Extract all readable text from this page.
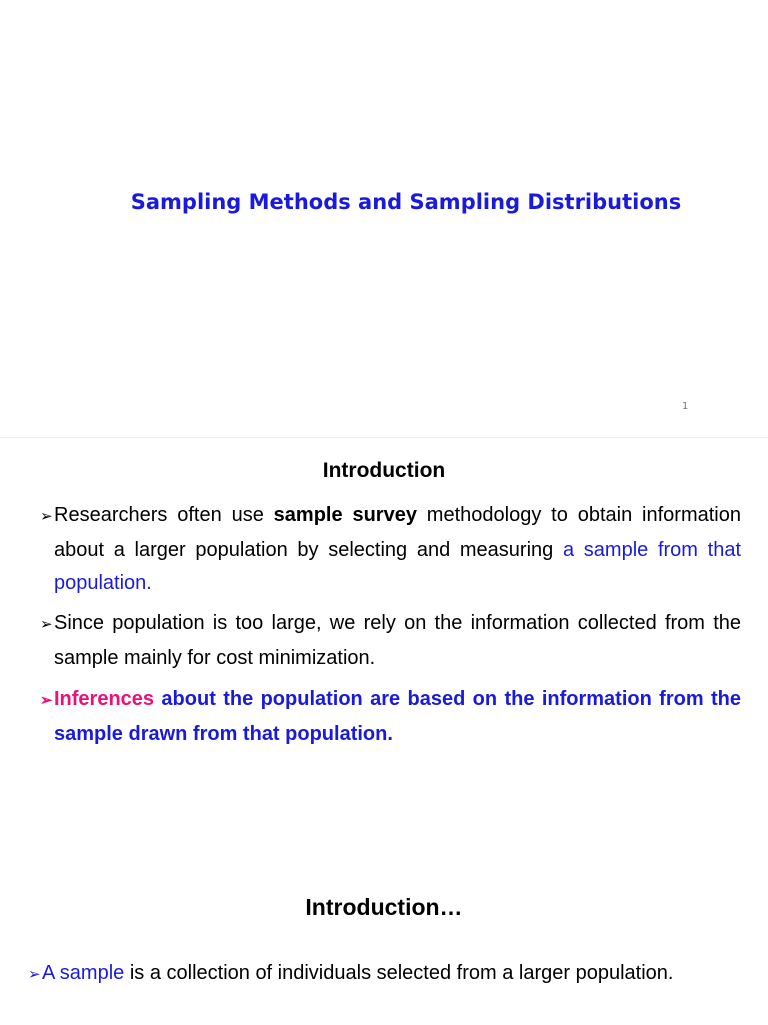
Sampling Methods and Sampling Distributions
1
Introduction
➢Researchers often use sample survey methodology to obtain information about a larger population by selecting and measuring a sample from that population.
➢Since population is too large, we rely on the information collected from the sample mainly for cost minimization.
➢Inferences about the population are based on the information from the sample drawn from that population.
Introduction…
➢A sample is a collection of individuals selected from a larger population.
